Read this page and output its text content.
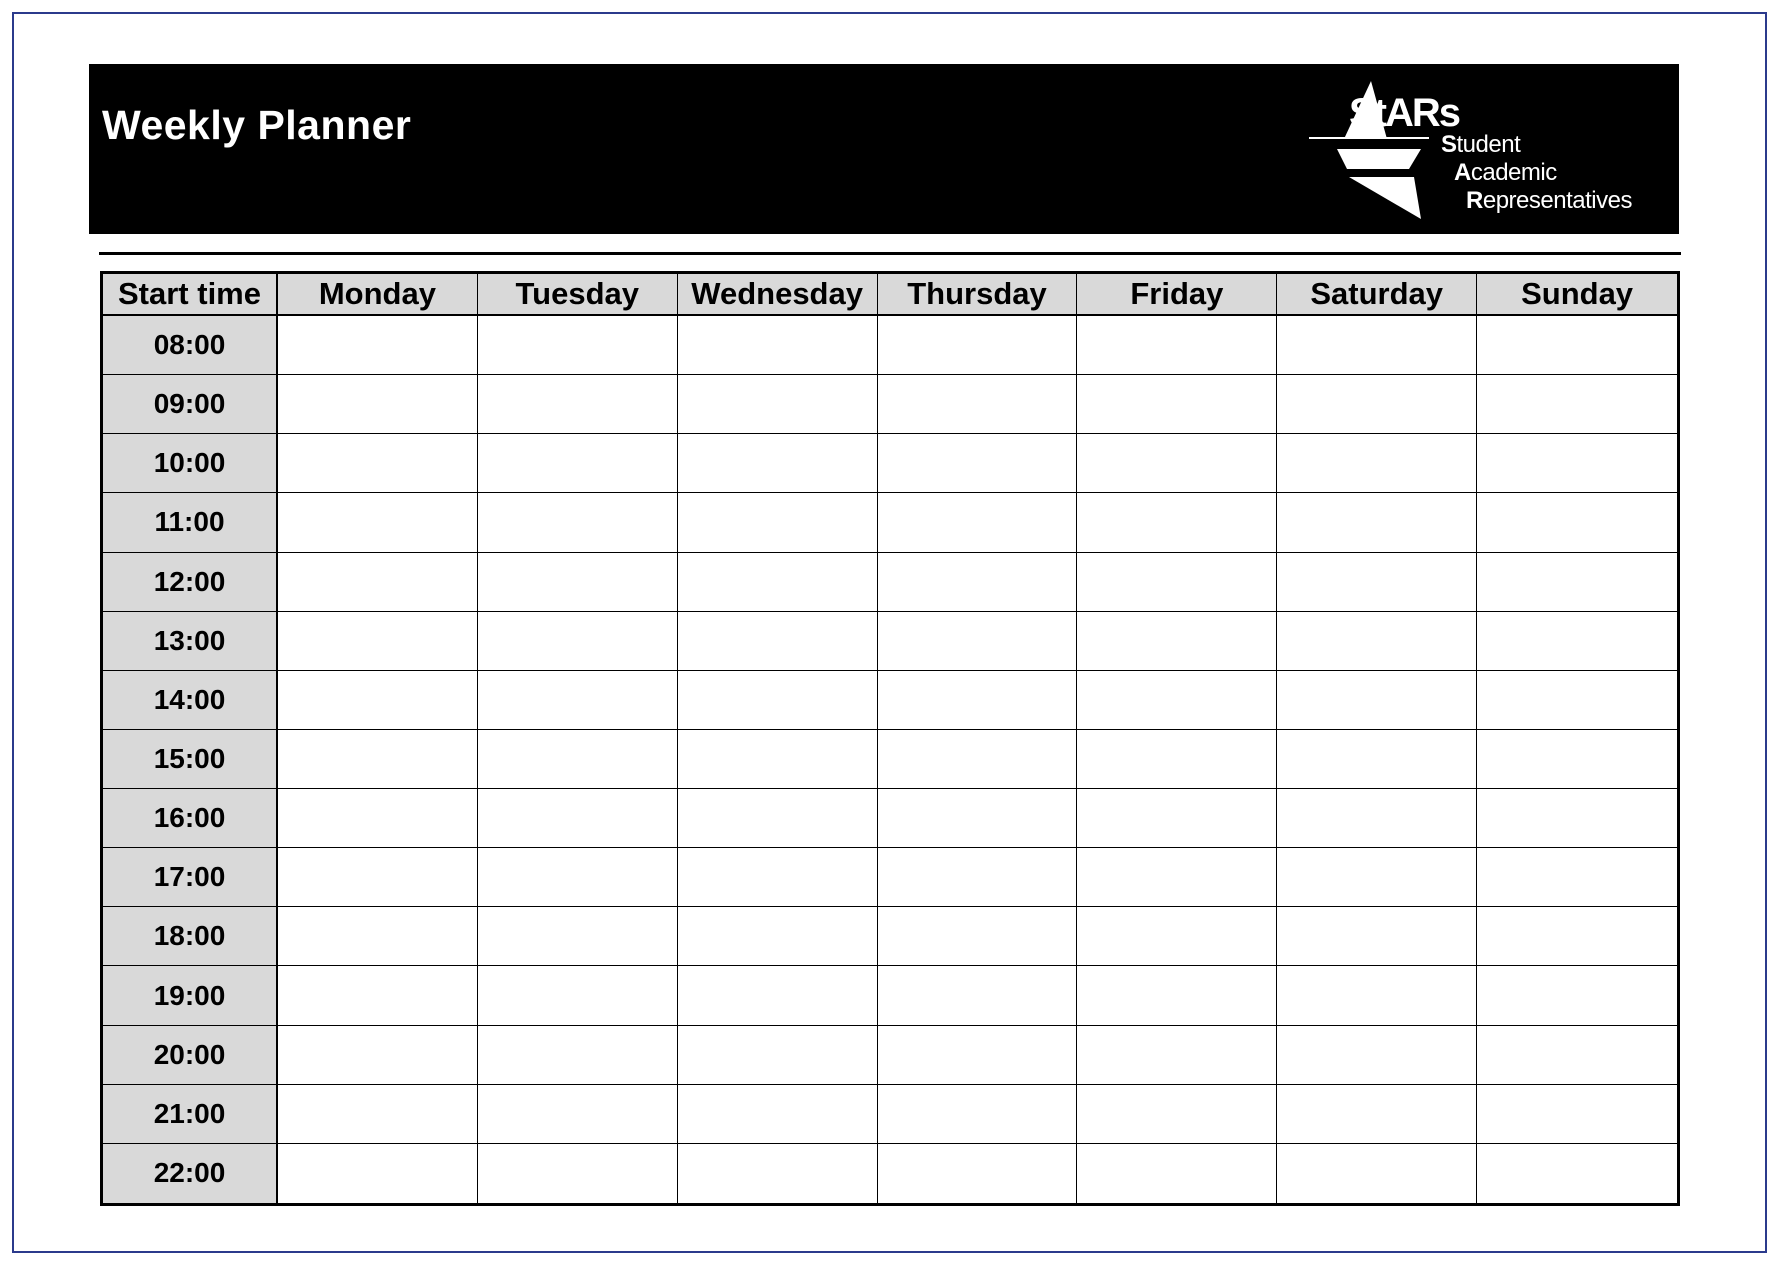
Weekly Planner	StARs
Student
Academic
Representatives
Start time	Monday	Tuesday	Wednesday	Thursday	Friday	Saturday	Sunday
08:00
09:00
10:00
11:00
12:00
13:00
14:00
15:00
16:00
17:00
18:00
19:00
20:00
21:00
22:00
